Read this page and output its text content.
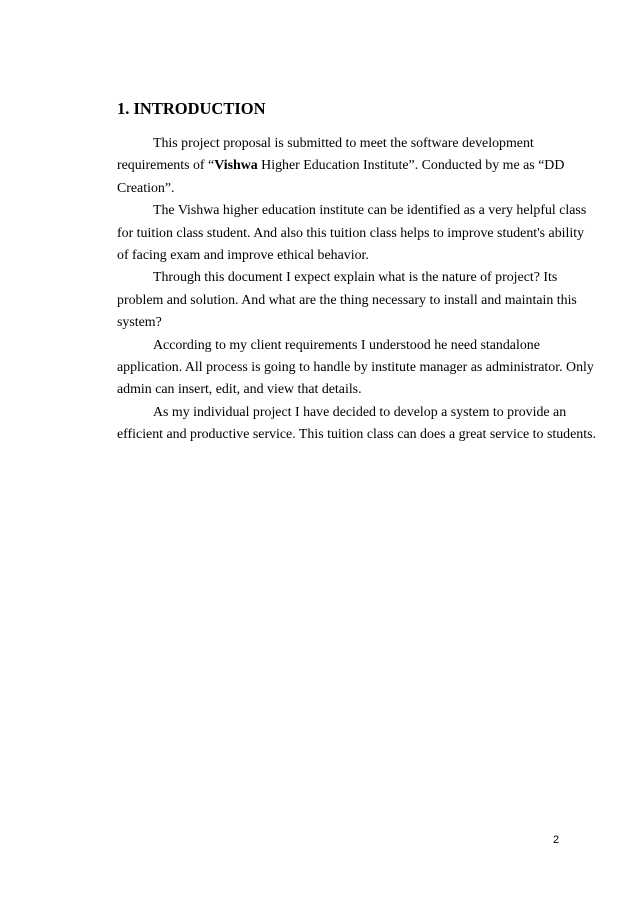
1. INTRODUCTION

This project proposal is submitted to meet the software development
requirements of “Vishwa Higher Education Institute”. Conducted by me as “DD
Creation”.

The Vishwa higher education institute can be identified as a very helpful class
for tuition class student. And also this tuition class helps to improve student's ability
of facing exam and improve ethical behavior.

Through this document I expect explain what is the nature of project? Its
problem and solution. And what are the thing necessary to install and maintain this
system?

According to my client requirements I understood he need standalone
application. All process is going to handle by institute manager as administrator. Only
admin can insert, edit, and view that details.

As my individual project I have decided to develop a system to provide an
efficient and productive service. This tuition class can does a great service to students.

2
